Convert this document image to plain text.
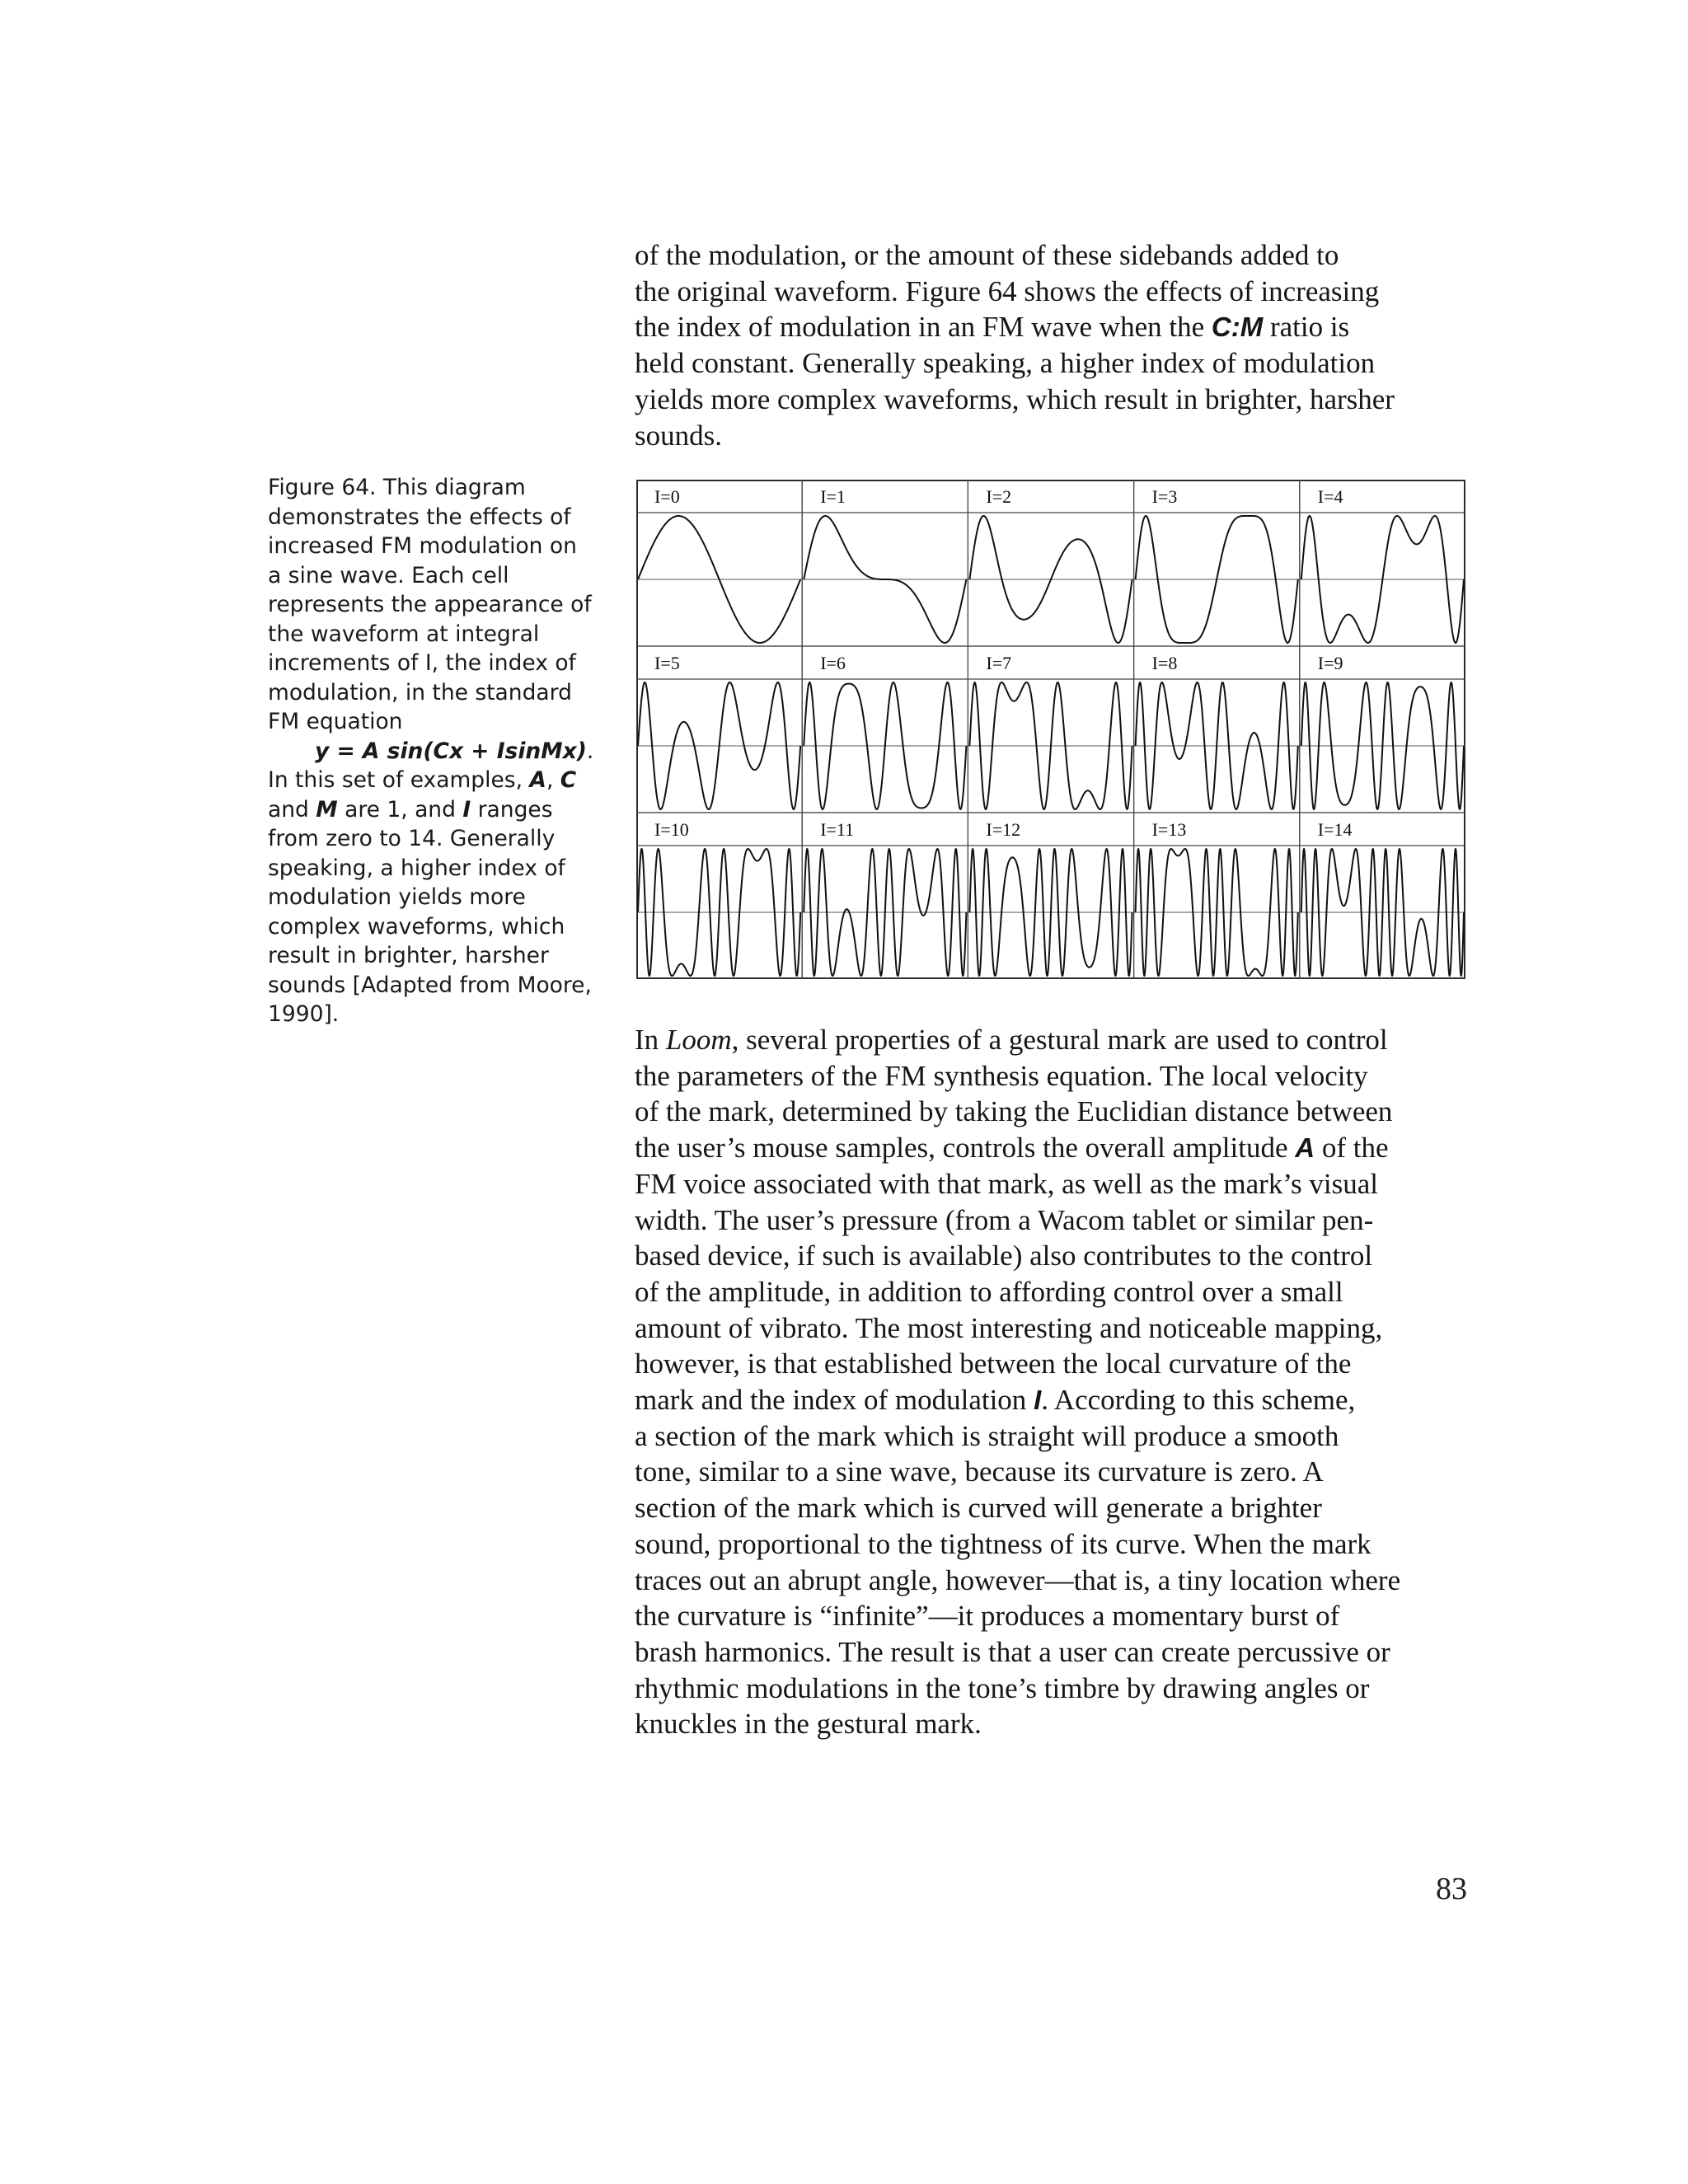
of the modulation, or the amount of these sidebands added to
the original waveform. Figure 64 shows the effects of increasing
the index of modulation in an FM wave when the C:M ratio is
held constant. Generally speaking, a higher index of modulation
yields more complex waveforms, which result in brighter, harsher
sounds.
Figure 64. This diagram
demonstrates the effects of
increased FM modulation on
a sine wave. Each cell
represents the appearance of
the waveform at integral
increments of I, the index of
modulation, in the standard
FM equation
y = A sin(Cx + IsinMx).
In this set of examples, A, C
and M are 1, and I ranges
from zero to 14. Generally
speaking, a higher index of
modulation yields more
complex waveforms, which
result in brighter, harsher
sounds [Adapted from Moore,
1990].
I=0	I=1	I=2	I=3	I=4
I=5	I=6	I=7	I=8	I=9
I=10	I=11	I=12	I=13	I=14
In Loom, several properties of a gestural mark are used to control
the parameters of the FM synthesis equation. The local velocity
of the mark, determined by taking the Euclidian distance between
the user’s mouse samples, controls the overall amplitude A of the
FM voice associated with that mark, as well as the mark’s visual
width. The user’s pressure (from a Wacom tablet or similar pen-
based device, if such is available) also contributes to the control
of the amplitude, in addition to affording control over a small
amount of vibrato. The most interesting and noticeable mapping,
however, is that established between the local curvature of the
mark and the index of modulation I. According to this scheme,
a section of the mark which is straight will produce a smooth
tone, similar to a sine wave, because its curvature is zero. A
section of the mark which is curved will generate a brighter
sound, proportional to the tightness of its curve. When the mark
traces out an abrupt angle, however—that is, a tiny location where
the curvature is “infinite”—it produces a momentary burst of
brash harmonics. The result is that a user can create percussive or
rhythmic modulations in the tone’s timbre by drawing angles or
knuckles in the gestural mark.
83
